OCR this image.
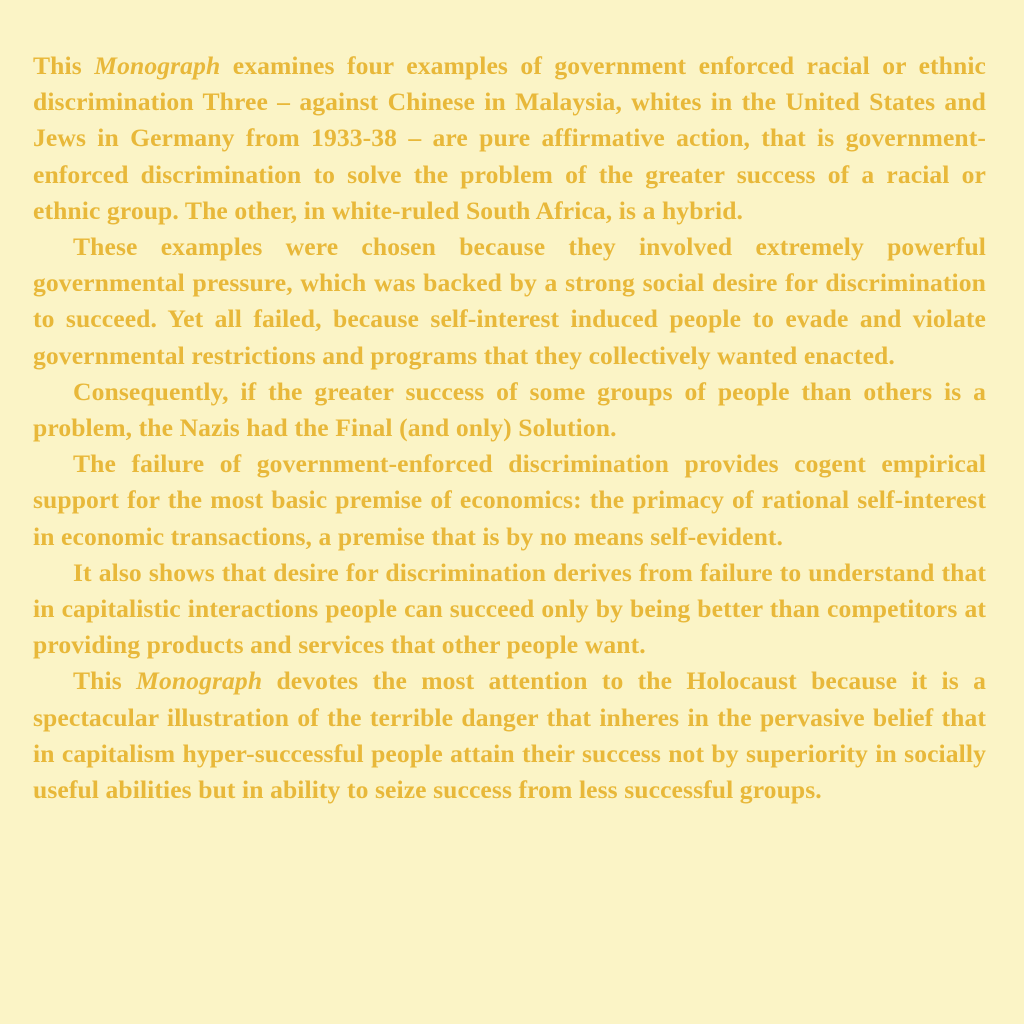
This Monograph examines four examples of government enforced racial or ethnic discrimination Three – against Chinese in Malaysia, whites in the United States and Jews in Germany from 1933-38 – are pure affirmative action, that is government-enforced discrimination to solve the problem of the greater success of a racial or ethnic group. The other, in white-ruled South Africa, is a hybrid.

These examples were chosen because they involved extremely powerful governmental pressure, which was backed by a strong social desire for discrimination to succeed. Yet all failed, because self-interest induced people to evade and violate governmental restrictions and programs that they collectively wanted enacted.

Consequently, if the greater success of some groups of people than others is a problem, the Nazis had the Final (and only) Solution.

The failure of government-enforced discrimination provides cogent empirical support for the most basic premise of economics: the primacy of rational self-interest in economic transactions, a premise that is by no means self-evident.

It also shows that desire for discrimination derives from failure to understand that in capitalistic interactions people can succeed only by being better than competitors at providing products and services that other people want.

This Monograph devotes the most attention to the Holocaust because it is a spectacular illustration of the terrible danger that inheres in the pervasive belief that in capitalism hyper-successful people attain their success not by superiority in socially useful abilities but in ability to seize success from less successful groups.
